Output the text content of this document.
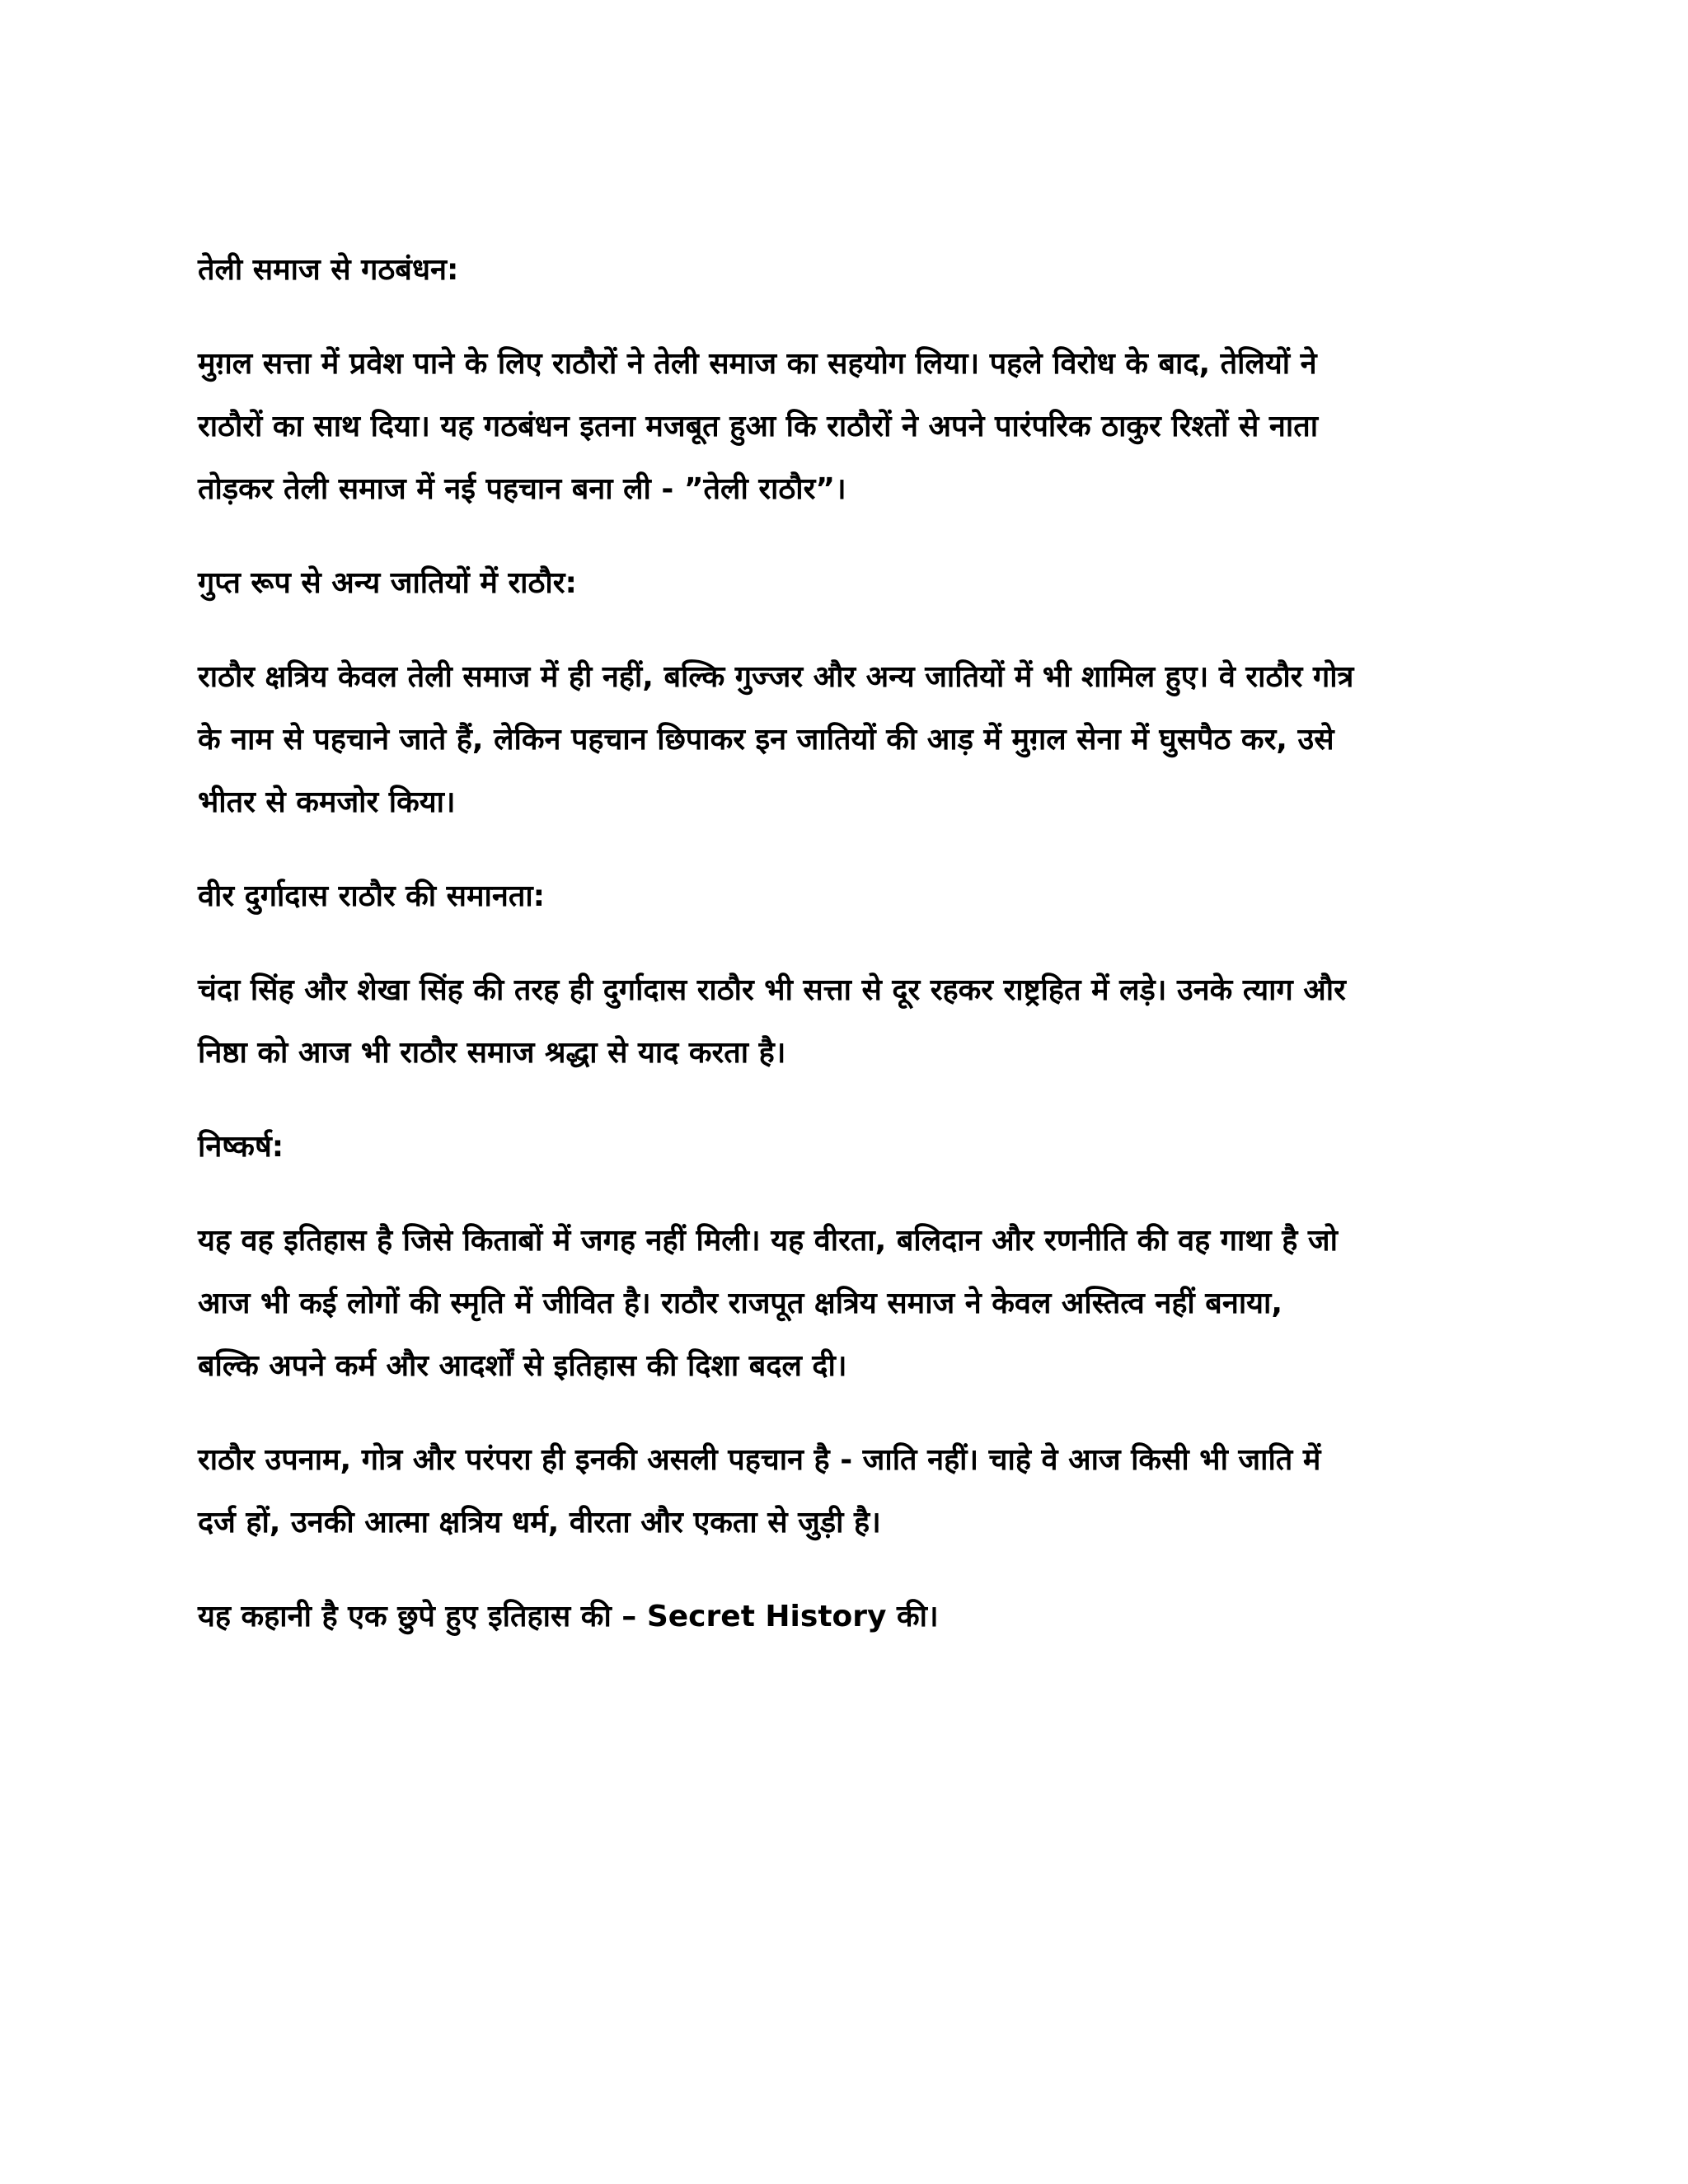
तेली समाज से गठबंधन:
मुग़ल सत्ता में प्रवेश पाने के लिए राठौरों ने तेली समाज का सहयोग लिया। पहले विरोध के बाद, तेलियों ने
राठौरों का साथ दिया। यह गठबंधन इतना मजबूत हुआ कि राठौरों ने अपने पारंपरिक ठाकुर रिश्तों से नाता
तोड़कर तेली समाज में नई पहचान बना ली - ”तेली राठौर”।
गुप्त रूप से अन्य जातियों में राठौर:
राठौर क्षत्रिय केवल तेली समाज में ही नहीं, बल्कि गुज्जर और अन्य जातियों में भी शामिल हुए। वे राठौर गोत्र
के नाम से पहचाने जाते हैं, लेकिन पहचान छिपाकर इन जातियों की आड़ में मुग़ल सेना में घुसपैठ कर, उसे
भीतर से कमजोर किया।
वीर दुर्गादास राठौर की समानता:
चंदा सिंह और शेखा सिंह की तरह ही दुर्गादास राठौर भी सत्ता से दूर रहकर राष्ट्रहित में लड़े। उनके त्याग और
निष्ठा को आज भी राठौर समाज श्रद्धा से याद करता है।
निष्कर्ष:
यह वह इतिहास है जिसे किताबों में जगह नहीं मिली। यह वीरता, बलिदान और रणनीति की वह गाथा है जो
आज भी कई लोगों की स्मृति में जीवित है। राठौर राजपूत क्षत्रिय समाज ने केवल अस्तित्व नहीं बनाया,
बल्कि अपने कर्म और आदर्शों से इतिहास की दिशा बदल दी।
राठौर उपनाम, गोत्र और परंपरा ही इनकी असली पहचान है - जाति नहीं। चाहे वे आज किसी भी जाति में
दर्ज हों, उनकी आत्मा क्षत्रिय धर्म, वीरता और एकता से जुड़ी है।
यह कहानी है एक छुपे हुए इतिहास की – Secret History की।
